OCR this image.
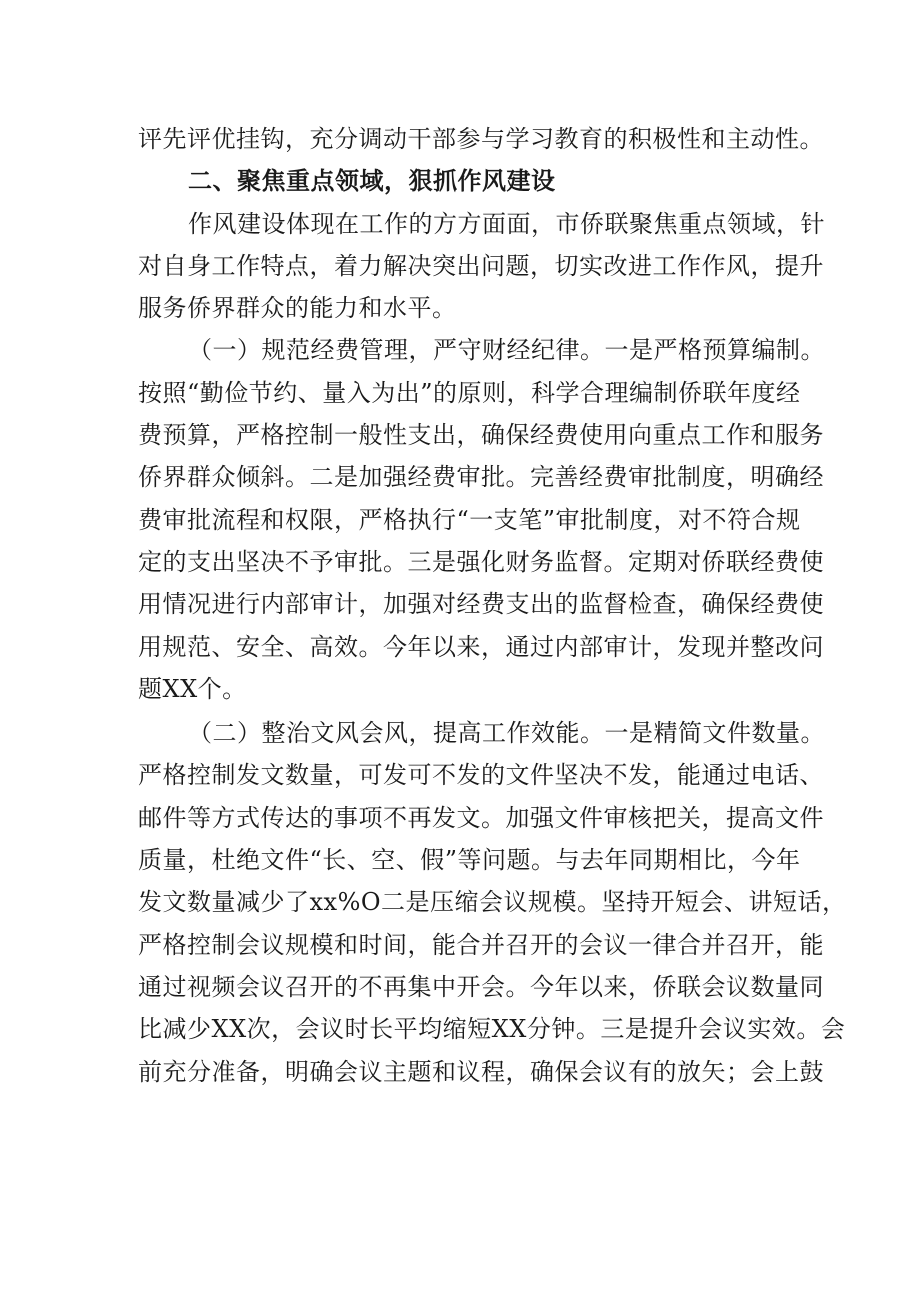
评先评优挂钩，充分调动干部参与学习教育的积极性和主动性。
二、聚焦重点领域，狠抓作风建设
作风建设体现在工作的方方面面，市侨联聚焦重点领域，针
对自身工作特点，着力解决突出问题，切实改进工作作风，提升
服务侨界群众的能力和水平。
（一）规范经费管理，严守财经纪律。一是严格预算编制。
按照“勤俭节约、量入为出”的原则，科学合理编制侨联年度经
费预算，严格控制一般性支出，确保经费使用向重点工作和服务
侨界群众倾斜。二是加强经费审批。完善经费审批制度，明确经
费审批流程和权限，严格执行“一支笔”审批制度，对不符合规
定的支出坚决不予审批。三是强化财务监督。定期对侨联经费使
用情况进行内部审计，加强对经费支出的监督检查，确保经费使
用规范、安全、高效。今年以来，通过内部审计，发现并整改问
题XX个。
（二）整治文风会风，提高工作效能。一是精简文件数量。
严格控制发文数量，可发可不发的文件坚决不发，能通过电话、
邮件等方式传达的事项不再发文。加强文件审核把关，提高文件
质量，杜绝文件“长、空、假”等问题。与去年同期相比，今年
发文数量减少了xx%O二是压缩会议规模。坚持开短会、讲短话，
严格控制会议规模和时间，能合并召开的会议一律合并召开，能
通过视频会议召开的不再集中开会。今年以来，侨联会议数量同
比减少XX次，会议时长平均缩短XX分钟。三是提升会议实效。会
前充分准备，明确会议主题和议程，确保会议有的放矢；会上鼓
